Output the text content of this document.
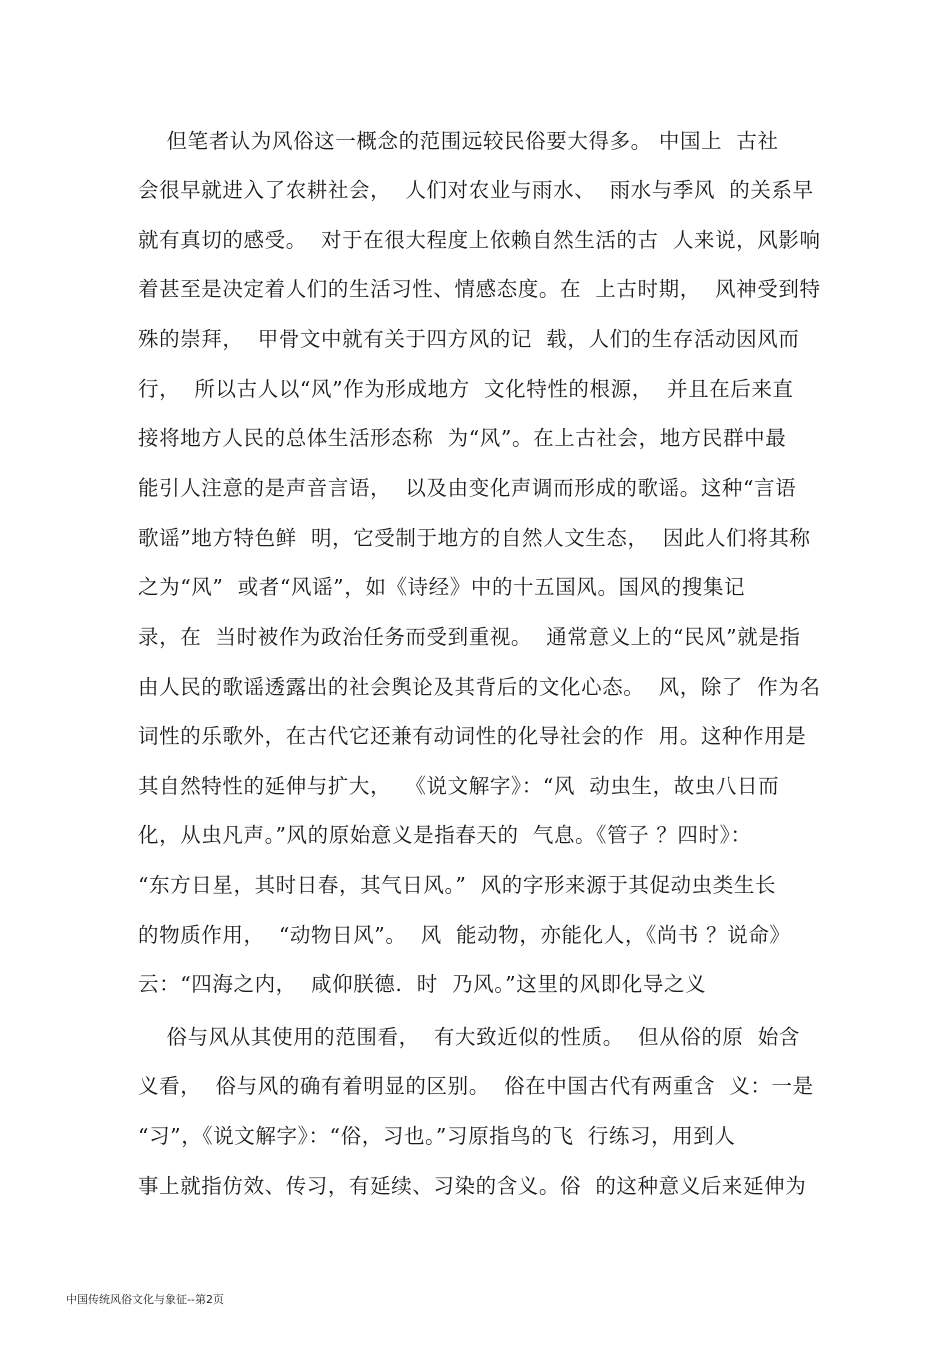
但笔者认为风俗这一概念的范围远较民俗要大得多。 中国上  古社
会很早就进入了农耕社会，  人们对农业与雨水、  雨水与季风  的关系早
就有真切的感受。  对于在很大程度上依赖自然生活的古  人来说，风影响
着甚至是决定着人们的生活习性、情感态度。在  上古时期，  风神受到特
殊的崇拜，  甲骨文中就有关于四方风的记  载，人们的生存活动因风而
行，  所以古人以“风”作为形成地方  文化特性的根源，  并且在后来直
接将地方人民的总体生活形态称  为“风”。在上古社会，地方民群中最
能引人注意的是声音言语，  以及由变化声调而形成的歌谣。这种“言语
歌谣”地方特色鲜  明，它受制于地方的自然人文生态，  因此人们将其称
之为“风”  或者“风谣”，如《诗经》中的十五国风。国风的搜集记
录，在  当时被作为政治任务而受到重视。  通常意义上的“民风”就是指
由人民的歌谣透露出的社会舆论及其背后的文化心态。  风，除了  作为名
词性的乐歌外，在古代它还兼有动词性的化导社会的作  用。这种作用是
其自然特性的延伸与扩大，  《说文解字》：“风  动虫生，故虫八日而
化，从虫凡声。”风的原始意义是指春天的  气息。《管子 ？四时》：
“东方日星，其时日春，其气日风。”  风的字形来源于其促动虫类生长
的物质作用，  “动物日风”。  风  能动物，亦能化人，《尚书 ？说命》
云：“四海之内，  咸仰朕德.  时  乃风。”这里的风即化导之义
俗与风从其使用的范围看，  有大致近似的性质。  但从俗的原  始含
义看，  俗与风的确有着明显的区别。  俗在中国古代有两重含  义：一是
“习”，《说文解字》：“俗，习也。”习原指鸟的飞  行练习，用到人
事上就指仿效、传习，有延续、习染的含义。俗  的这种意义后来延伸为
中国传统风俗文化与象征--第2页
